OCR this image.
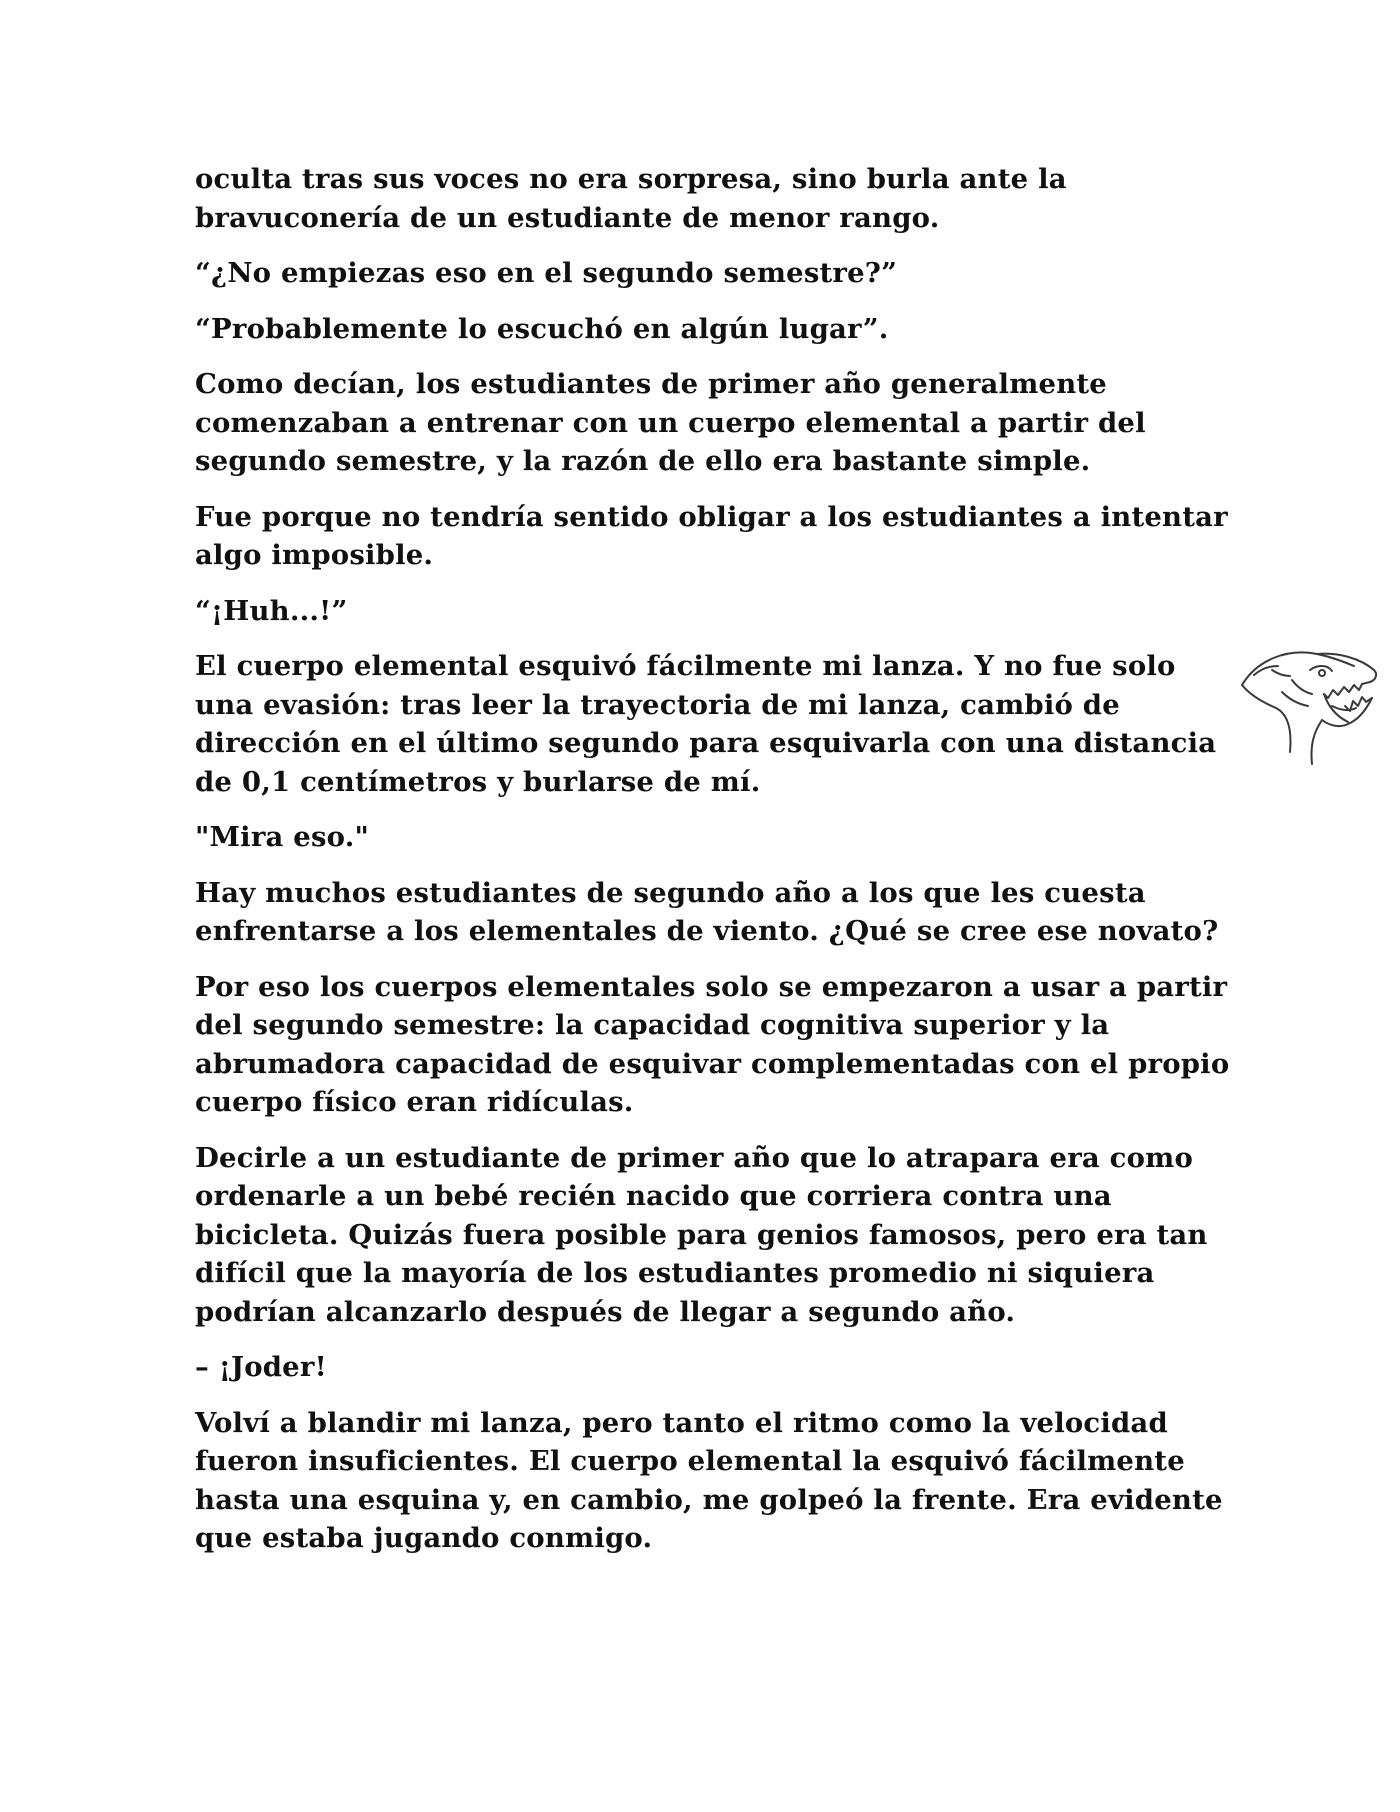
oculta tras sus voces no era sorpresa, sino burla ante la bravuconería de un estudiante de menor rango.

“¿No empiezas eso en el segundo semestre?”

“Probablemente lo escuchó en algún lugar”.

Como decían, los estudiantes de primer año generalmente comenzaban a entrenar con un cuerpo elemental a partir del segundo semestre, y la razón de ello era bastante simple.

Fue porque no tendría sentido obligar a los estudiantes a intentar algo imposible.

“¡Huh...!”

El cuerpo elemental esquivó fácilmente mi lanza. Y no fue solo una evasión: tras leer la trayectoria de mi lanza, cambió de dirección en el último segundo para esquivarla con una distancia de 0,1 centímetros y burlarse de mí.

"Mira eso."

Hay muchos estudiantes de segundo año a los que les cuesta enfrentarse a los elementales de viento. ¿Qué se cree ese novato?

Por eso los cuerpos elementales solo se empezaron a usar a partir del segundo semestre: la capacidad cognitiva superior y la abrumadora capacidad de esquivar complementadas con el propio cuerpo físico eran ridículas.

Decirle a un estudiante de primer año que lo atrapara era como ordenarle a un bebé recién nacido que corriera contra una bicicleta. Quizás fuera posible para genios famosos, pero era tan difícil que la mayoría de los estudiantes promedio ni siquiera podrían alcanzarlo después de llegar a segundo año.

– ¡Joder!

Volví a blandir mi lanza, pero tanto el ritmo como la velocidad fueron insuficientes. El cuerpo elemental la esquivó fácilmente hasta una esquina y, en cambio, me golpeó la frente. Era evidente que estaba jugando conmigo.
